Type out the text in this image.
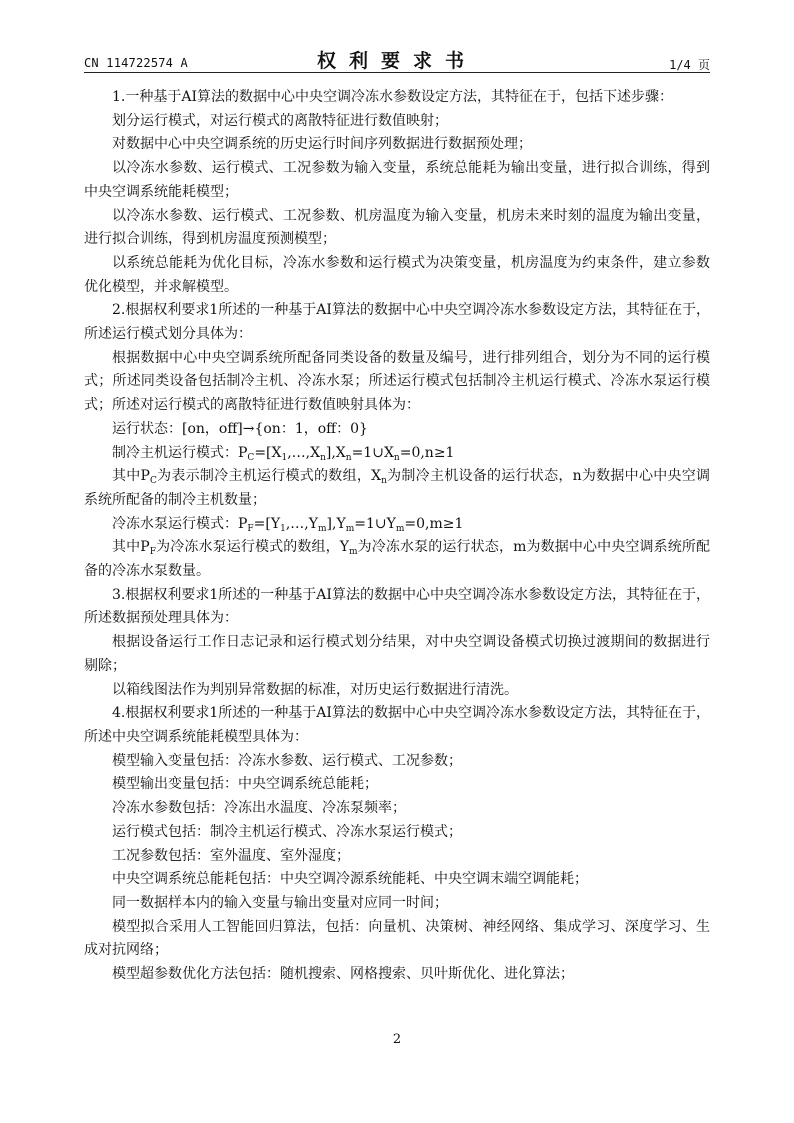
CN 114722574 A	权利要求书	1/4 页

1.一种基于AI算法的数据中心中央空调冷冻水参数设定方法，其特征在于，包括下述步骤：

划分运行模式，对运行模式的离散特征进行数值映射；

对数据中心中央空调系统的历史运行时间序列数据进行数据预处理；

以冷冻水参数、运行模式、工况参数为输入变量，系统总能耗为输出变量，进行拟合训练，得到中央空调系统能耗模型；

以冷冻水参数、运行模式、工况参数、机房温度为输入变量，机房未来时刻的温度为输出变量，进行拟合训练，得到机房温度预测模型；

以系统总能耗为优化目标，冷冻水参数和运行模式为决策变量，机房温度为约束条件，建立参数优化模型，并求解模型。

2.根据权利要求1所述的一种基于AI算法的数据中心中央空调冷冻水参数设定方法，其特征在于，所述运行模式划分具体为：

根据数据中心中央空调系统所配备同类设备的数量及编号，进行排列组合，划分为不同的运行模式；所述同类设备包括制冷主机、冷冻水泵；所述运行模式包括制冷主机运行模式、冷冻水泵运行模式；所述对运行模式的离散特征进行数值映射具体为：

运行状态：[on，off]→{on：1，off：0}

制冷主机运行模式：$P_C=[X_1,\dots,X_n],X_n=1\cup X_n=0,n\ge 1$

其中$P_C$为表示制冷主机运行模式的数组，$X_n$为制冷主机设备的运行状态，n为数据中心中央空调系统所配备的制冷主机数量；

冷冻水泵运行模式：$P_F=[Y_1,\dots,Y_m],Y_m=1\cup Y_m=0,m\ge 1$

其中$P_F$为冷冻水泵运行模式的数组，$Y_m$为冷冻水泵的运行状态，m为数据中心中央空调系统所配备的冷冻水泵数量。

3.根据权利要求1所述的一种基于AI算法的数据中心中央空调冷冻水参数设定方法，其特征在于，所述数据预处理具体为：

根据设备运行工作日志记录和运行模式划分结果，对中央空调设备模式切换过渡期间的数据进行剔除；

以箱线图法作为判别异常数据的标准，对历史运行数据进行清洗。

4.根据权利要求1所述的一种基于AI算法的数据中心中央空调冷冻水参数设定方法，其特征在于，所述中央空调系统能耗模型具体为：

模型输入变量包括：冷冻水参数、运行模式、工况参数；

模型输出变量包括：中央空调系统总能耗；

冷冻水参数包括：冷冻出水温度、冷冻泵频率；

运行模式包括：制冷主机运行模式、冷冻水泵运行模式；

工况参数包括：室外温度、室外湿度；

中央空调系统总能耗包括：中央空调冷源系统能耗、中央空调末端空调能耗；

同一数据样本内的输入变量与输出变量对应同一时间；

模型拟合采用人工智能回归算法，包括：向量机、决策树、神经网络、集成学习、深度学习、生成对抗网络；

模型超参数优化方法包括：随机搜索、网格搜索、贝叶斯优化、进化算法；

2
